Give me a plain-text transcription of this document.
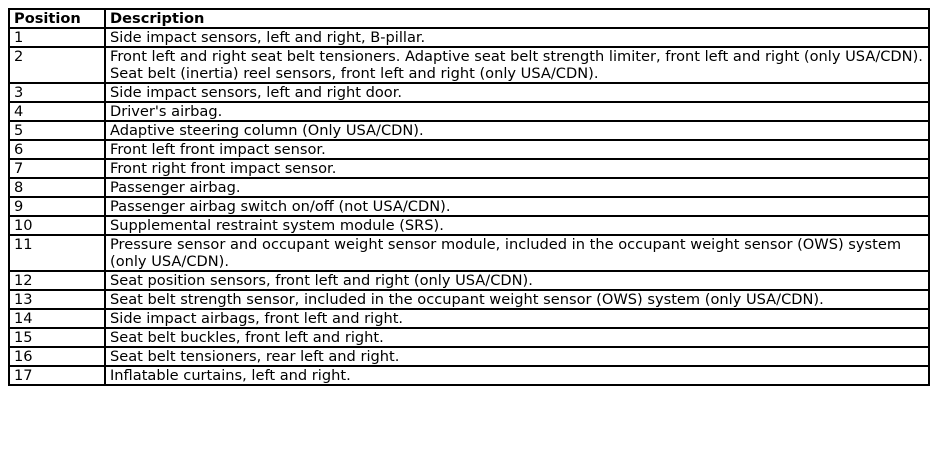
Position	Description
1	Side impact sensors, left and right, B-pillar.
2	Front left and right seat belt tensioners. Adaptive seat belt strength limiter, front left and right (only USA/CDN). Seat belt (inertia) reel sensors, front left and right (only USA/CDN).
3	Side impact sensors, left and right door.
4	Driver's airbag.
5	Adaptive steering column (Only USA/CDN).
6	Front left front impact sensor.
7	Front right front impact sensor.
8	Passenger airbag.
9	Passenger airbag switch on/off (not USA/CDN).
10	Supplemental restraint system module (SRS).
11	Pressure sensor and occupant weight sensor module, included in the occupant weight sensor (OWS) system (only USA/CDN).
12	Seat position sensors, front left and right (only USA/CDN).
13	Seat belt strength sensor, included in the occupant weight sensor (OWS) system (only USA/CDN).
14	Side impact airbags, front left and right.
15	Seat belt buckles, front left and right.
16	Seat belt tensioners, rear left and right.
17	Inflatable curtains, left and right.
